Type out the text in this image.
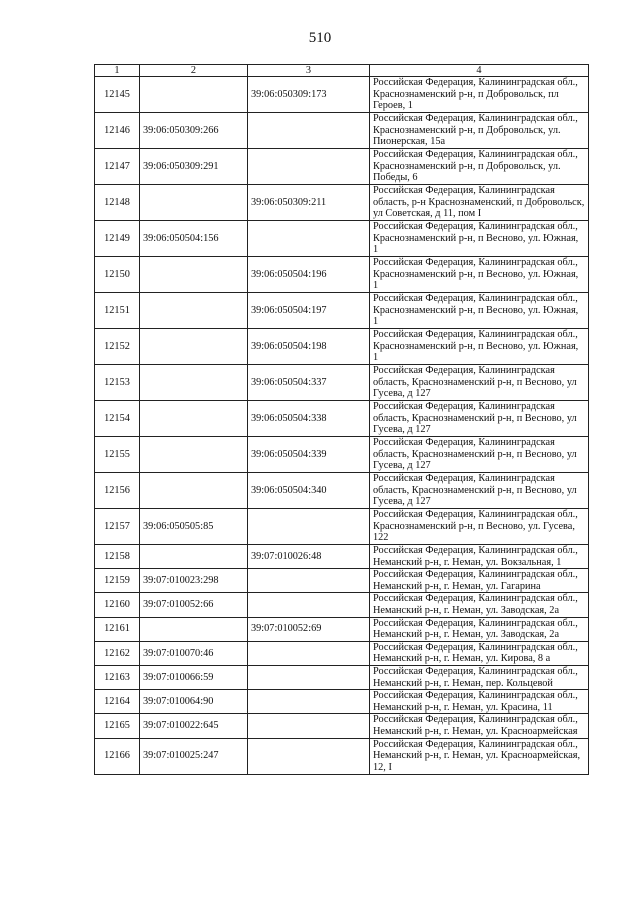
510
1	2	3	4
12145		39:06:050309:173	Российская Федерация, Калининградская обл., Краснознаменский р-н, п Добровольск, пл Героев, 1
12146	39:06:050309:266		Российская Федерация, Калининградская обл., Краснознаменский р-н, п Добровольск, ул. Пионерская, 15а
12147	39:06:050309:291		Российская Федерация, Калининградская обл., Краснознаменский р-н, п Добровольск, ул. Победы, 6
12148		39:06:050309:211	Российская Федерация, Калининградская область, р-н Краснознаменский, п Добровольск, ул Советская, д 11, пом I
12149	39:06:050504:156		Российская Федерация, Калининградская обл., Краснознаменский р-н, п Весново, ул. Южная, 1
12150		39:06:050504:196	Российская Федерация, Калининградская обл., Краснознаменский р-н, п Весново, ул. Южная, 1
12151		39:06:050504:197	Российская Федерация, Калининградская обл., Краснознаменский р-н, п Весново, ул. Южная, 1
12152		39:06:050504:198	Российская Федерация, Калининградская обл., Краснознаменский р-н, п Весново, ул. Южная, 1
12153		39:06:050504:337	Российская Федерация, Калининградская область, Краснознаменский р-н, п Весново, ул Гусева, д 127
12154		39:06:050504:338	Российская Федерация, Калининградская область, Краснознаменский р-н, п Весново, ул Гусева, д 127
12155		39:06:050504:339	Российская Федерация, Калининградская область, Краснознаменский р-н, п Весново, ул Гусева, д 127
12156		39:06:050504:340	Российская Федерация, Калининградская область, Краснознаменский р-н, п Весново, ул Гусева, д 127
12157	39:06:050505:85		Российская Федерация, Калининградская обл., Краснознаменский р-н, п Весново, ул. Гусева, 122
12158		39:07:010026:48	Российская Федерация, Калининградская обл., Неманский р-н, г. Неман, ул. Вокзальная, 1
12159	39:07:010023:298		Российская Федерация, Калининградская обл., Неманский р-н, г. Неман, ул. Гагарина
12160	39:07:010052:66		Российская Федерация, Калининградская обл., Неманский р-н, г. Неман, ул. Заводская, 2а
12161		39:07:010052:69	Российская Федерация, Калининградская обл., Неманский р-н, г. Неман, ул. Заводская, 2а
12162	39:07:010070:46		Российская Федерация, Калининградская обл., Неманский р-н, г. Неман, ул. Кирова, 8 а
12163	39:07:010066:59		Российская Федерация, Калининградская обл., Неманский р-н, г. Неман, пер. Кольцевой
12164	39:07:010064:90		Российская Федерация, Калининградская обл., Неманский р-н, г. Неман, ул. Красина, 11
12165	39:07:010022:645		Российская Федерация, Калининградская обл., Неманский р-н, г. Неман, ул. Красноармейская
12166	39:07:010025:247		Российская Федерация, Калининградская обл., Неманский р-н, г. Неман, ул. Красноармейская, 12, I
